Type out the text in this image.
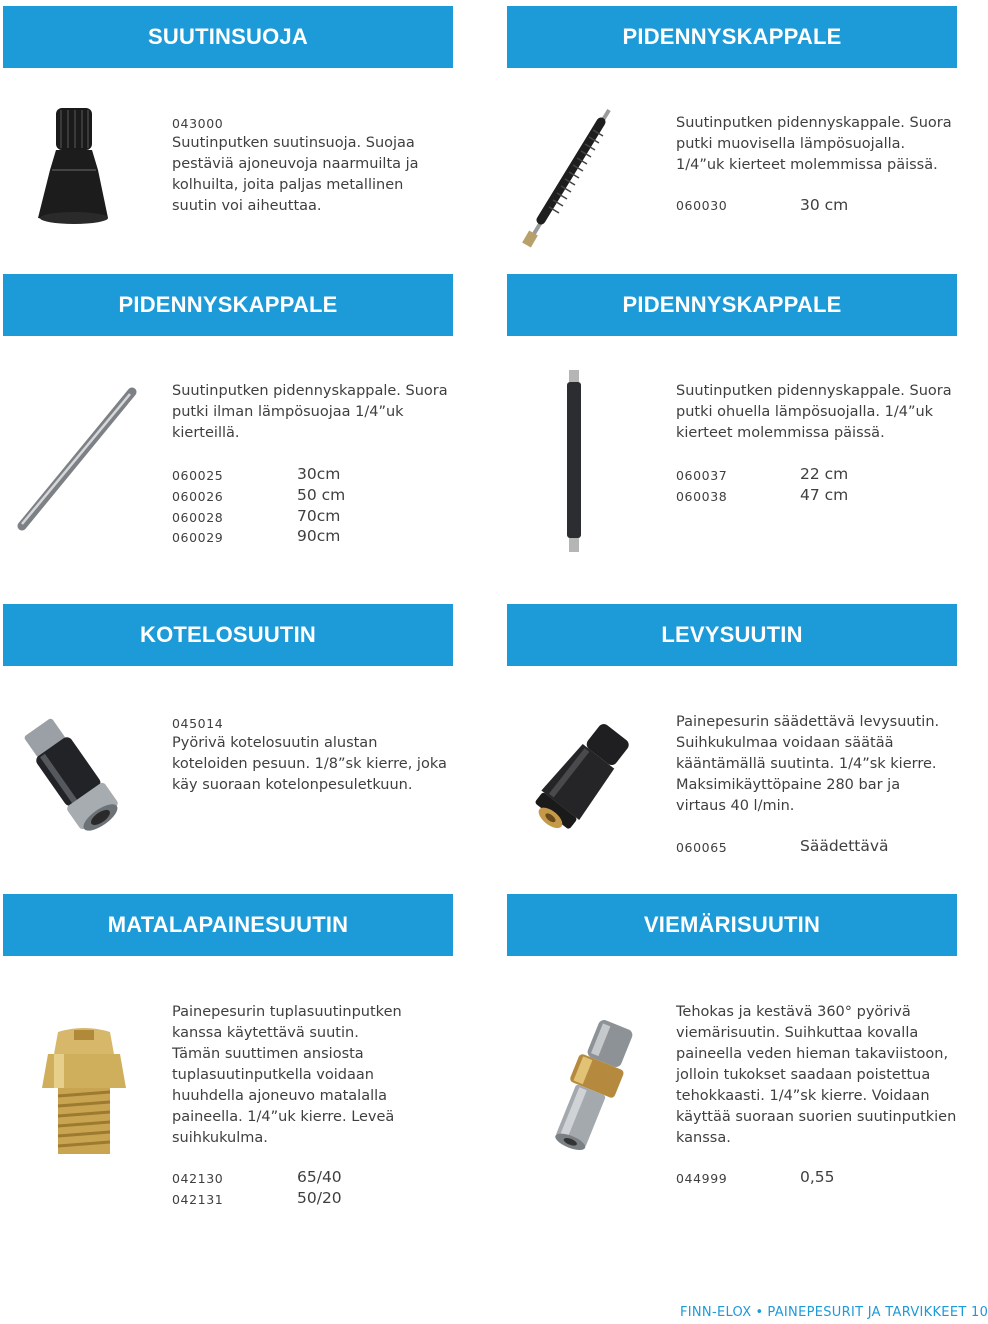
SUUTINSUOJA	PIDENNYSKAPPALE
043000
Suutinputken suutinsuoja. Suojaa
pestäviä ajoneuvoja naarmuilta ja
kolhuilta, joita paljas metallinen
suutin voi aiheuttaa.
Suutinputken pidennyskappale. Suora
putki muovisella lämpösuojalla.
1/4”uk kierteet molemmissa päissä.
060030	30 cm
PIDENNYSKAPPALE	PIDENNYSKAPPALE
Suutinputken pidennyskappale. Suora
putki ilman lämpösuojaa 1/4”uk
kierteillä.
060025	30cm
060026	50 cm
060028	70cm
060029	90cm
Suutinputken pidennyskappale. Suora
putki ohuella lämpösuojalla. 1/4”uk
kierteet molemmissa päissä.
060037	22 cm
060038	47 cm
KOTELOSUUTIN	LEVYSUUTIN
045014
Pyörivä kotelosuutin alustan
koteloiden pesuun. 1/8”sk kierre, joka
käy suoraan kotelonpesuletkuun.
Painepesurin säädettävä levysuutin.
Suihkukulmaa voidaan säätää
kääntämällä suutinta. 1/4”sk kierre.
Maksimikäyttöpaine 280 bar ja
virtaus 40 l/min.
060065	Säädettävä
MATALAPAINESUUTIN	VIEMÄRISUUTIN
Painepesurin tuplasuutinputken
kanssa käytettävä suutin.
Tämän suuttimen ansiosta
tuplasuutinputkella voidaan
huuhdella ajoneuvo matalalla
paineella. 1/4”uk kierre. Leveä
suihkukulma.
042130	65/40
042131	50/20
Tehokas ja kestävä 360° pyörivä
viemärisuutin. Suihkuttaa kovalla
paineella veden hieman takaviistoon,
jolloin tukokset saadaan poistettua
tehokkaasti. 1/4”sk kierre. Voidaan
käyttää suoraan suorien suutinputkien
kanssa.
044999	0,55
FINN-ELOX • PAINEPESURIT JA TARVIKKEET 10
